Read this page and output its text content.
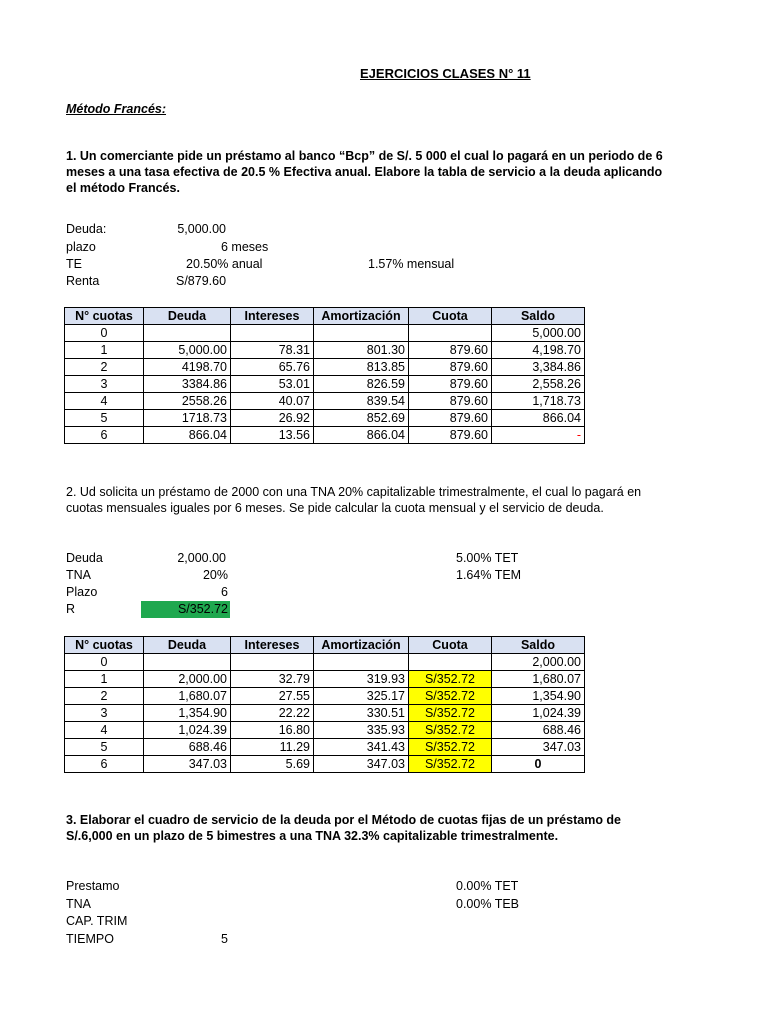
EJERCICIOS CLASES N° 11
Método Francés:
1. Un comerciante pide un préstamo al banco “Bcp” de S/. 5 000 el cual lo pagará en un periodo de 6 meses a una tasa efectiva de 20.5 % Efectiva anual. Elabore la tabla de servicio a la deuda aplicando el método Francés.
Deuda:	5,000.00
plazo	6 meses
TE	20.50% anual	1.57% mensual
Renta	S/879.60
N° cuotas	Deuda	Intereses	Amortización	Cuota	Saldo
0					5,000.00
1	5,000.00	78.31	801.30	879.60	4,198.70
2	4198.70	65.76	813.85	879.60	3,384.86
3	3384.86	53.01	826.59	879.60	2,558.26
4	2558.26	40.07	839.54	879.60	1,718.73
5	1718.73	26.92	852.69	879.60	866.04
6	866.04	13.56	866.04	879.60	-
2. Ud solicita un préstamo de 2000 con una TNA 20% capitalizable trimestralmente, el cual lo pagará en cuotas mensuales iguales por 6 meses. Se pide calcular la cuota mensual y el servicio de deuda.
Deuda	2,000.00	5.00% TET
TNA	20%	1.64% TEM
Plazo	6
R	S/352.72
N° cuotas	Deuda	Intereses	Amortización	Cuota	Saldo
0					2,000.00
1	2,000.00	32.79	319.93	S/352.72	1,680.07
2	1,680.07	27.55	325.17	S/352.72	1,354.90
3	1,354.90	22.22	330.51	S/352.72	1,024.39
4	1,024.39	16.80	335.93	S/352.72	688.46
5	688.46	11.29	341.43	S/352.72	347.03
6	347.03	5.69	347.03	S/352.72	0
3. Elaborar el cuadro de servicio de la deuda por el Método de cuotas fijas de un préstamo de S/.6,000 en un plazo de 5 bimestres a una TNA 32.3% capitalizable trimestralmente.
Prestamo	0.00% TET
TNA	0.00% TEB
CAP. TRIM
TIEMPO	5
